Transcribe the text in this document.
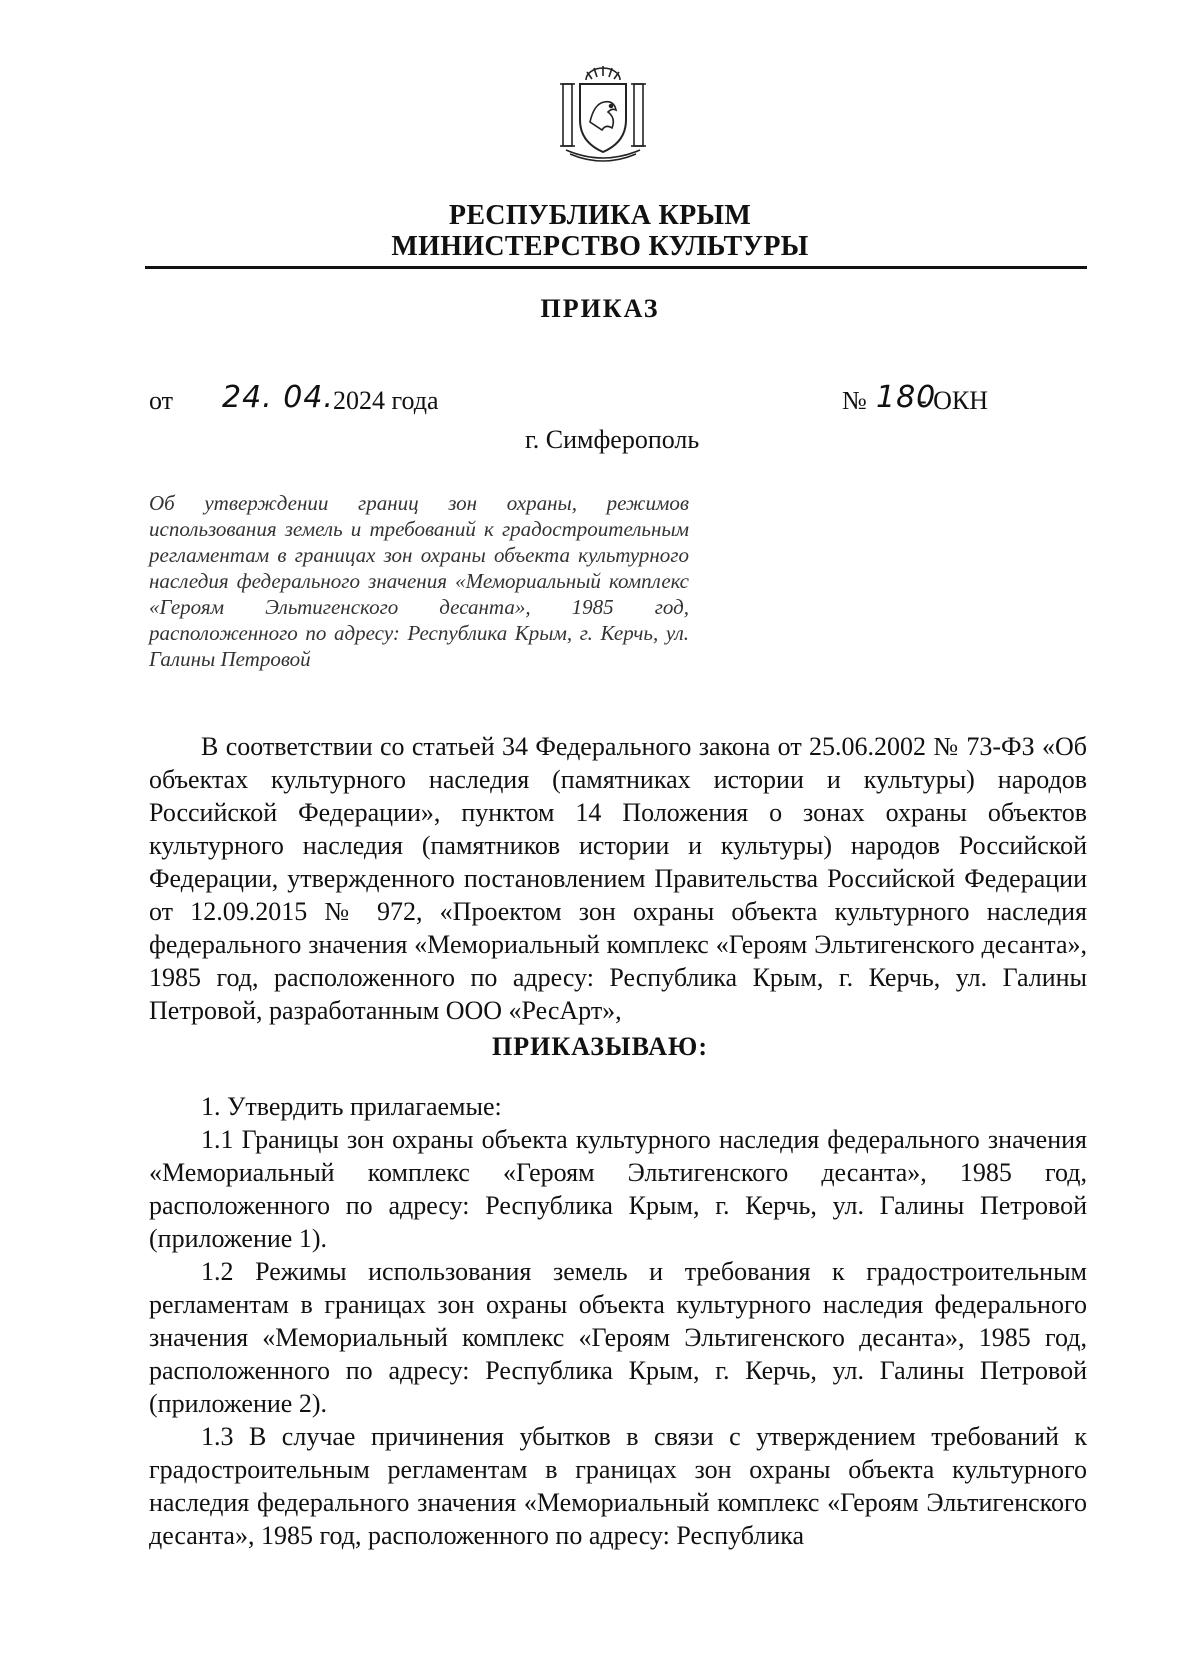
РЕСПУБЛИКА КРЫМ
МИНИСТЕРСТВО КУЛЬТУРЫ
ПРИКАЗ
от 24. 04. 2024 года	№ 180
- ОКН
г. Симферополь
Об утверждении границ зон охраны, режимов использования земель и требований к градостроительным регламентам в границах зон охраны объекта культурного наследия федерального значения «Мемориальный комплекс «Героям Эльтигенского десанта», 1985 год, расположенного по адресу: Республика Крым, г. Керчь, ул. Галины Петровой
В соответствии со статьей 34 Федерального закона от 25.06.2002 № 73-ФЗ «Об объектах культурного наследия (памятниках истории и культуры) народов Российской Федерации», пунктом 14 Положения о зонах охраны объектов культурного наследия (памятников истории и культуры) народов Российской Федерации, утвержденного постановлением Правительства Российской Федерации от 12.09.2015 № 972, «Проектом зон охраны объекта культурного наследия федерального значения «Мемориальный комплекс «Героям Эльтигенского десанта», 1985 год, расположенного по адресу: Республика Крым, г. Керчь, ул. Галины Петровой, разработанным ООО «РесАрт»,
ПРИКАЗЫВАЮ:

1. Утвердить прилагаемые:

1.1 Границы зон охраны объекта культурного наследия федерального значения «Мемориальный комплекс «Героям Эльтигенского десанта», 1985 год, расположенного по адресу: Республика Крым, г. Керчь, ул. Галины Петровой (приложение 1).

1.2 Режимы использования земель и требования к градостроительным регламентам в границах зон охраны объекта культурного наследия федерального значения «Мемориальный комплекс «Героям Эльтигенского десанта», 1985 год, расположенного по адресу: Республика Крым, г. Керчь, ул. Галины Петровой (приложение 2).

1.3 В случае причинения убытков в связи с утверждением требований к градостроительным регламентам в границах зон охраны объекта культурного наследия федерального значения «Мемориальный комплекс «Героям Эльтигенского десанта», 1985 год, расположенного по адресу: Республика
